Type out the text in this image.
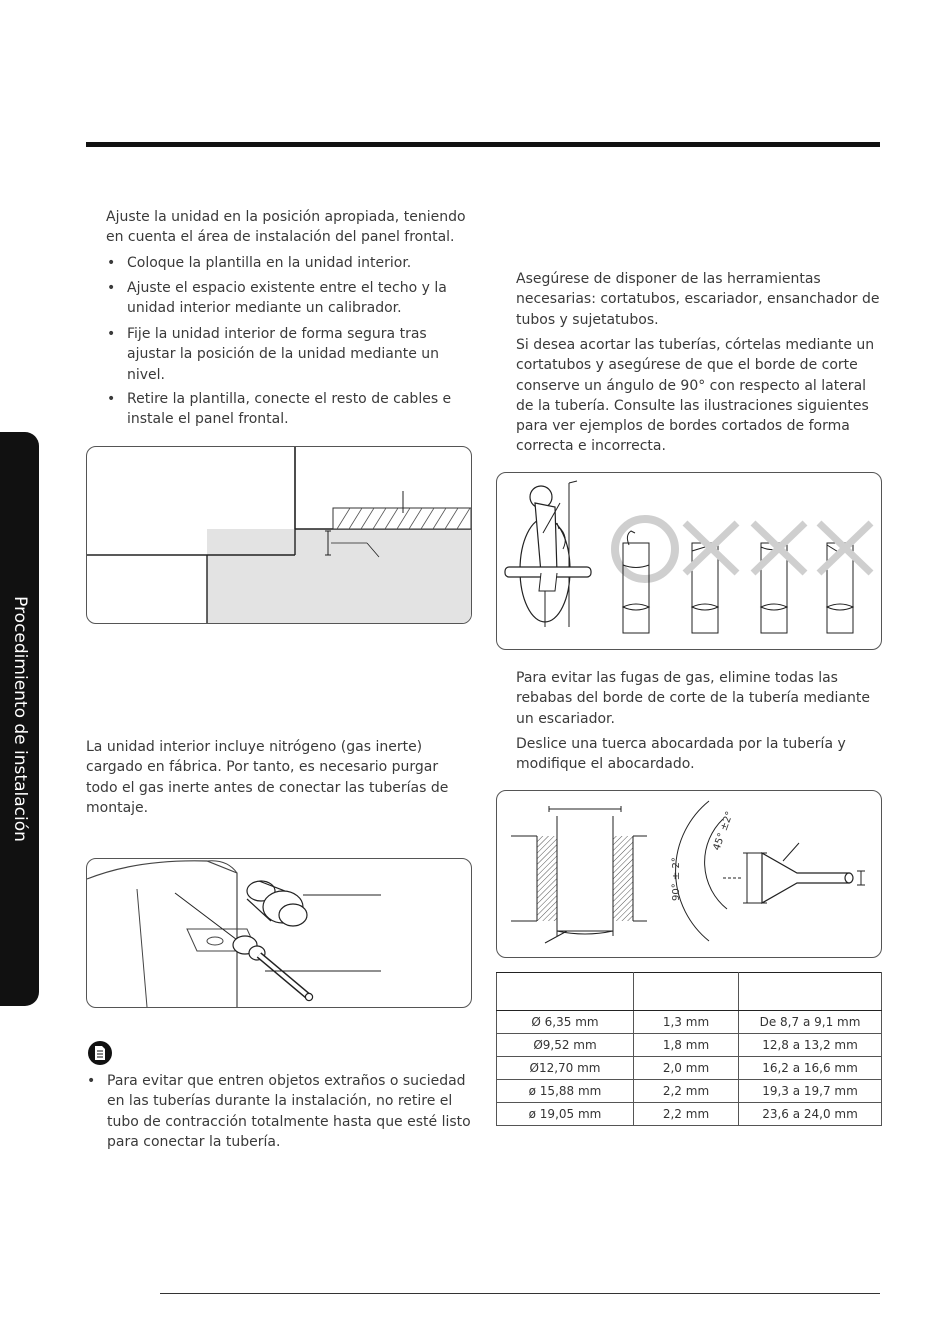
Procedimiento de instalación

Ajuste la unidad en la posición apropiada, teniendo en cuenta el área de instalación del panel frontal.

• Coloque la plantilla en la unidad interior.

• Ajuste el espacio existente entre el techo y la unidad interior mediante un calibrador.

• Fije la unidad interior de forma segura tras ajustar la posición de la unidad mediante un nivel.

• Retire la plantilla, conecte el resto de cables e instale el panel frontal.

La unidad interior incluye nitrógeno (gas inerte) cargado en fábrica. Por tanto, es necesario purgar todo el gas inerte antes de conectar las tuberías de montaje.

• Para evitar que entren objetos extraños o suciedad en las tuberías durante la instalación, no retire el tubo de contracción totalmente hasta que esté listo para conectar la tubería.

Asegúrese de disponer de las herramientas necesarias: cortatubos, escariador, ensanchador de tubos y sujetatubos.

Si desea acortar las tuberías, córtelas mediante un cortatubos y asegúrese de que el borde de corte conserve un ángulo de 90° con respecto al lateral de la tubería. Consulte las ilustraciones siguientes para ver ejemplos de bordes cortados de forma correcta e incorrecta.

Para evitar las fugas de gas, elimine todas las rebabas del borde de corte de la tubería mediante un escariador.

Deslice una tuerca abocardada por la tubería y modifique el abocardado.

90° ± 2°
45° ±2°

Ø 6,35 mm	1,3 mm	De 8,7 a 9,1 mm
Ø9,52 mm	1,8 mm	12,8 a 13,2 mm
Ø12,70 mm	2,0 mm	16,2 a 16,6 mm
ø 15,88 mm	2,2 mm	19,3 a 19,7 mm
ø 19,05 mm	2,2 mm	23,6 a 24,0 mm
